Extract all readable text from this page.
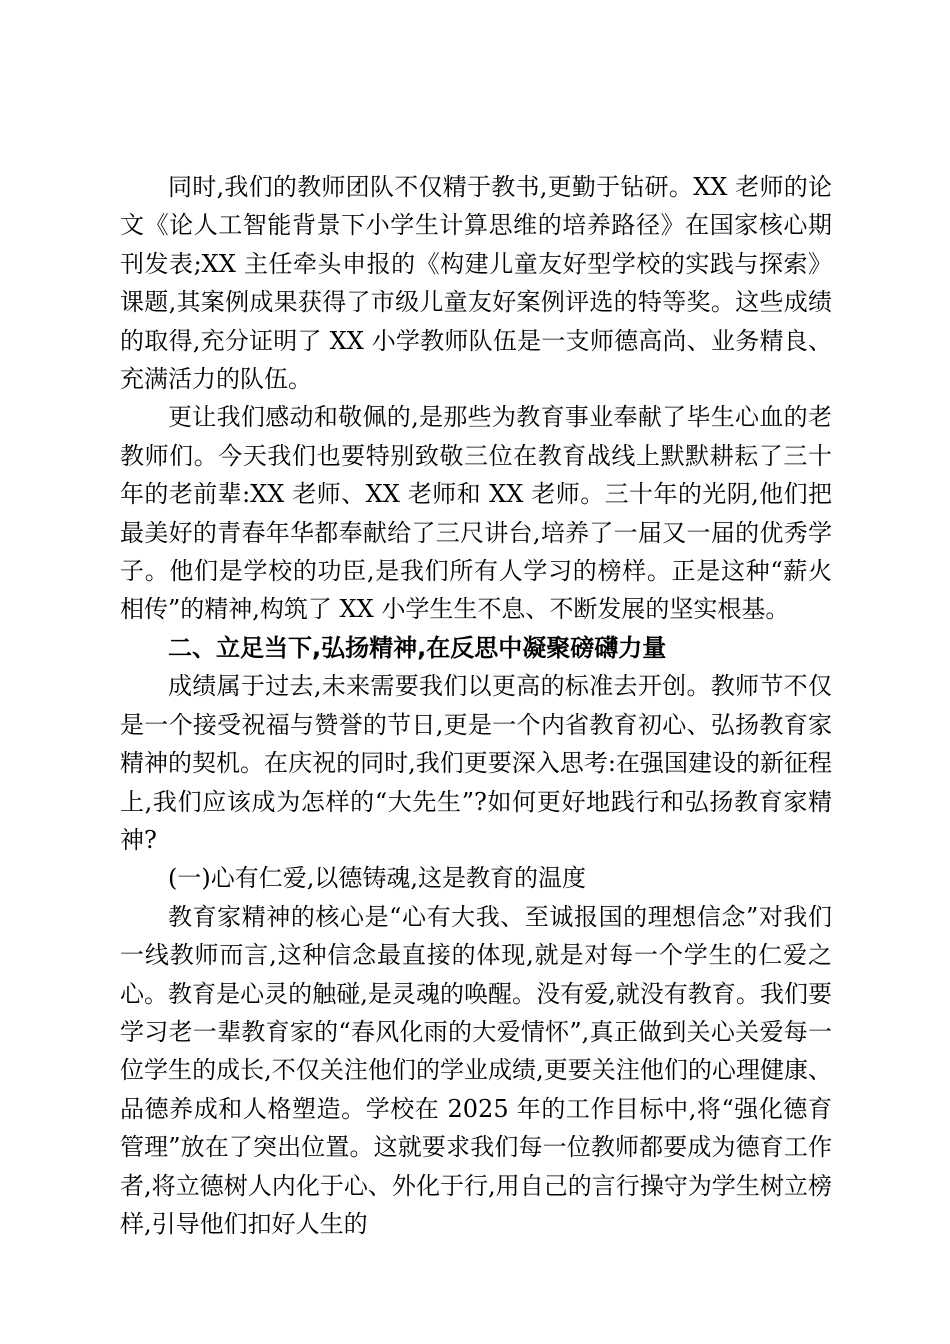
同时,我们的教师团队不仅精于教书,更勤于钻研。XX 老师的论文《论人工智能背景下小学生计算思维的培养路径》在国家核心期刊发表;XX 主任牵头申报的《构建儿童友好型学校的实践与探索》课题,其案例成果获得了市级儿童友好案例评选的特等奖。这些成绩的取得,充分证明了 XX 小学教师队伍是一支师德高尚、业务精良、充满活力的队伍。

更让我们感动和敬佩的,是那些为教育事业奉献了毕生心血的老教师们。今天我们也要特别致敬三位在教育战线上默默耕耘了三十年的老前辈:XX 老师、XX 老师和 XX 老师。三十年的光阴,他们把最美好的青春年华都奉献给了三尺讲台,培养了一届又一届的优秀学子。他们是学校的功臣,是我们所有人学习的榜样。正是这种“薪火相传”的精神,构筑了 XX 小学生生不息、不断发展的坚实根基。

二、立足当下,弘扬精神,在反思中凝聚磅礴力量

成绩属于过去,未来需要我们以更高的标准去开创。教师节不仅是一个接受祝福与赞誉的节日,更是一个内省教育初心、弘扬教育家精神的契机。在庆祝的同时,我们更要深入思考:在强国建设的新征程上,我们应该成为怎样的“大先生”?如何更好地践行和弘扬教育家精神?

(一)心有仁爱,以德铸魂,这是教育的温度

教育家精神的核心是“心有大我、至诚报国的理想信念”对我们一线教师而言,这种信念最直接的体现,就是对每一个学生的仁爱之心。教育是心灵的触碰,是灵魂的唤醒。没有爱,就没有教育。我们要学习老一辈教育家的“春风化雨的大爱情怀”,真正做到关心关爱每一位学生的成长,不仅关注他们的学业成绩,更要关注他们的心理健康、品德养成和人格塑造。学校在 2025 年的工作目标中,将“强化德育管理”放在了突出位置。这就要求我们每一位教师都要成为德育工作者,将立德树人内化于心、外化于行,用自己的言行操守为学生树立榜样,引导他们扣好人生的
